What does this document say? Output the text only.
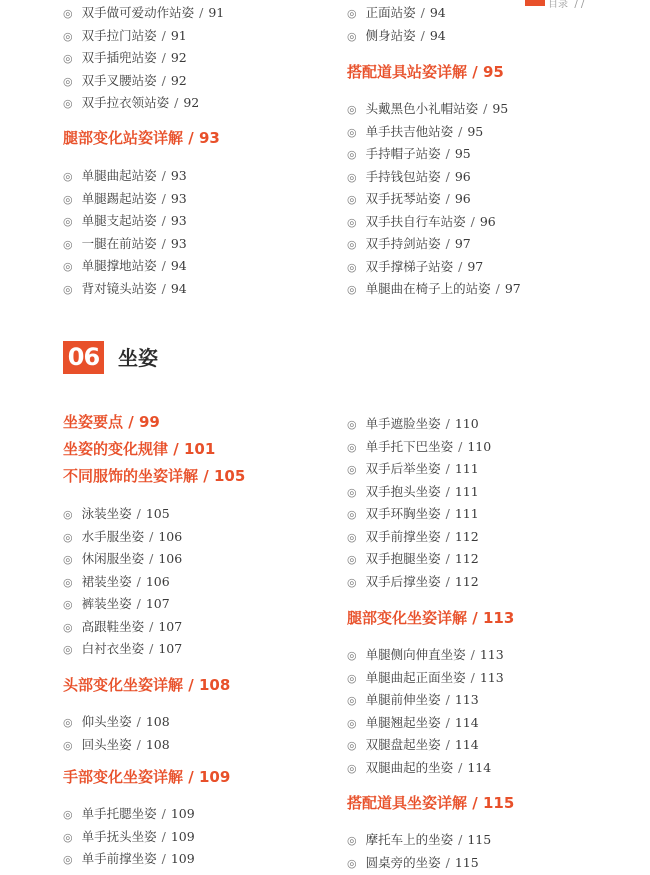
目录 / /
◎ 双手做可爱动作站姿 / 91
◎ 双手拉门站姿 / 91
◎ 双手插兜站姿 / 92
◎ 双手叉腰站姿 / 92
◎ 双手拉衣领站姿 / 92
腿部变化站姿详解 / 93
◎ 单腿曲起站姿 / 93
◎ 单腿踢起站姿 / 93
◎ 单腿支起站姿 / 93
◎ 一腿在前站姿 / 93
◎ 单腿撑地站姿 / 94
◎ 背对镜头站姿 / 94
◎ 正面站姿 / 94
◎ 侧身站姿 / 94
搭配道具站姿详解 / 95
◎ 头戴黑色小礼帽站姿 / 95
◎ 单手扶吉他站姿 / 95
◎ 手持帽子站姿 / 95
◎ 手持钱包站姿 / 96
◎ 双手抚琴站姿 / 96
◎ 双手扶自行车站姿 / 96
◎ 双手持剑站姿 / 97
◎ 双手撑梯子站姿 / 97
◎ 单腿曲在椅子上的站姿 / 97
坐姿要点 / 99
坐姿的变化规律 / 101
不同服饰的坐姿详解 / 105
◎ 泳装坐姿 / 105
◎ 水手服坐姿 / 106
◎ 休闲服坐姿 / 106
◎ 裙装坐姿 / 106
◎ 裤装坐姿 / 107
◎ 高跟鞋坐姿 / 107
◎ 白衬衣坐姿 / 107
头部变化坐姿详解 / 108
◎ 仰头坐姿 / 108
◎ 回头坐姿 / 108
手部变化坐姿详解 / 109
◎ 单手托腮坐姿 / 109
◎ 单手抚头坐姿 / 109
◎ 单手前撑坐姿 / 109
◎ 单手遮脸坐姿 / 110
◎ 单手托下巴坐姿 / 110
◎ 双手后举坐姿 / 111
◎ 双手抱头坐姿 / 111
◎ 双手环胸坐姿 / 111
◎ 双手前撑坐姿 / 112
◎ 双手抱腿坐姿 / 112
◎ 双手后撑坐姿 / 112
腿部变化坐姿详解 / 113
◎ 单腿侧向伸直坐姿 / 113
◎ 单腿曲起正面坐姿 / 113
◎ 单腿前伸坐姿 / 113
◎ 单腿翘起坐姿 / 114
◎ 双腿盘起坐姿 / 114
◎ 双腿曲起的坐姿 / 114
搭配道具坐姿详解 / 115
◎ 摩托车上的坐姿 / 115
◎ 圆桌旁的坐姿 / 115
06 坐姿
